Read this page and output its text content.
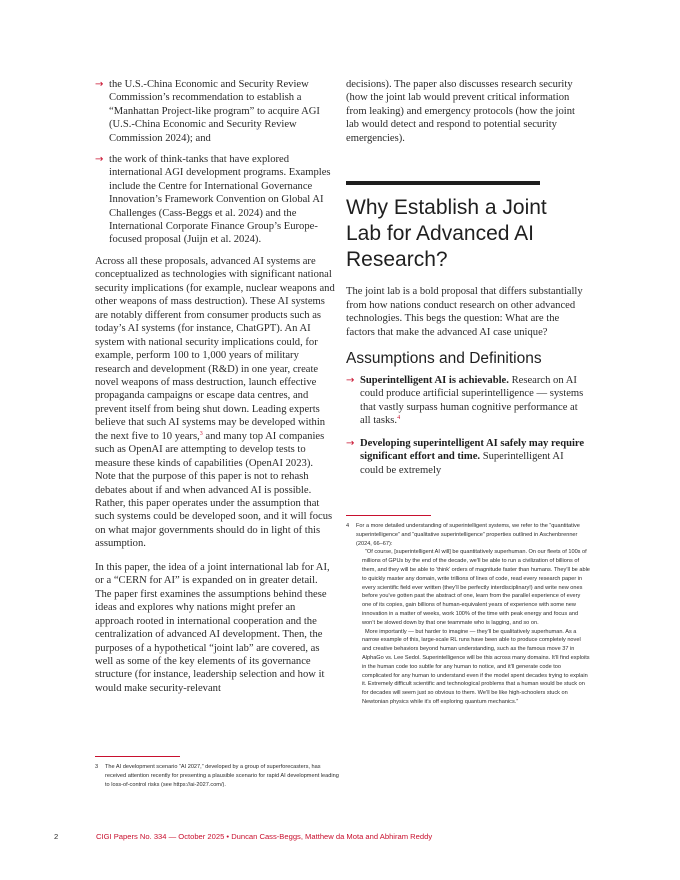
→ the U.S.-China Economic and Security Review Commission’s recommendation to establish a “Manhattan Project-like program” to acquire AGI (U.S.-China Economic and Security Review Commission 2024); and
→ the work of think-tanks that have explored international AGI development programs. Examples include the Centre for International Governance Innovation’s Framework Convention on Global AI Challenges (Cass-Beggs et al. 2024) and the International Corporate Finance Group’s Europe-focused proposal (Juijn et al. 2024).

Across all these proposals, advanced AI systems are conceptualized as technologies with significant national security implications (for example, nuclear weapons and other weapons of mass destruction). These AI systems are notably different from consumer products such as today’s AI systems (for instance, ChatGPT). An AI system with national security implications could, for example, perform 100 to 1,000 years of military research and development (R&D) in one year, create novel weapons of mass destruction, launch effective propaganda campaigns or escape data centres, and prevent itself from being shut down. Leading experts believe that such AI systems may be developed within the next five to 10 years,$^3$ and many top AI companies such as OpenAI are attempting to develop tests to measure these kinds of capabilities (OpenAI 2023). Note that the purpose of this paper is not to rehash debates about if and when advanced AI is possible. Rather, this paper operates under the assumption that such systems could be developed soon, and it will focus on what major governments should do in light of this assumption.

In this paper, the idea of a joint international lab for AI, or a “CERN for AI” is expanded on in greater detail. The paper first examines the assumptions behind these ideas and explores why nations might prefer an approach rooted in international cooperation and the centralization of advanced AI development. Then, the purposes of a hypothetical “joint lab” are covered, as well as some of the key elements of its governance structure (for instance, leadership selection and how it would make security-relevant

decisions). The paper also discusses research security (how the joint lab would prevent critical information from leaking) and emergency protocols (how the joint lab would detect and respond to potential security emergencies).

Why Establish a Joint Lab for Advanced AI Research?

The joint lab is a bold proposal that differs substantially from how nations conduct research on other advanced technologies. This begs the question: What are the factors that make the advanced AI case unique?

Assumptions and Definitions
→ Superintelligent AI is achievable. Research on AI could produce artificial superintelligence — systems that vastly surpass human cognitive performance at all tasks.$^4$
→ Developing superintelligent AI safely may require significant effort and time. Superintelligent AI could be extremely
4 For a more detailed understanding of superintelligent systems, we refer to the “quantitative superintelligence” and “qualitative superintelligence” properties outlined in Aschenbrenner (2024, 66–67):

“Of course, [superintelligent AI will] be quantitatively superhuman. On our fleets of 100s of millions of GPUs by the end of the decade, we’ll be able to run a civilization of billions of them, and they will be able to ‘think’ orders of magnitude faster than humans. They’ll be able to quickly master any domain, write trillions of lines of code, read every research paper in every scientific field ever written (they’ll be perfectly interdisciplinary!) and write new ones before you’ve gotten past the abstract of one, learn from the parallel experience of every one of its copies, gain billions of human-equivalent years of experience with some new innovation in a matter of weeks, work 100% of the time with peak energy and focus and won’t be slowed down by that one teammate who is lagging, and so on.

More importantly — but harder to imagine — they’ll be qualitatively superhuman. As a narrow example of this, large-scale RL runs have been able to produce completely novel and creative behaviors beyond human understanding, such as the famous move 37 in AlphaGo vs. Lee Sedol. Superintelligence will be this across many domains. It’ll find exploits in the human code too subtle for any human to notice, and it’ll generate code too complicated for any human to understand even if the model spent decades trying to explain it. Extremely difficult scientific and technological problems that a human would be stuck on for decades will seem just so obvious to them. We’ll be like high-schoolers stuck on Newtonian physics while it’s off exploring quantum mechanics.”

3 The AI development scenario “AI 2027,” developed by a group of superforecasters, has received attention recently for presenting a plausible scenario for rapid AI development leading to loss-of-control risks (see https://ai-2027.com/).
2	CIGI Papers No. 334 — October 2025 • Duncan Cass-Beggs, Matthew da Mota and Abhiram Reddy
